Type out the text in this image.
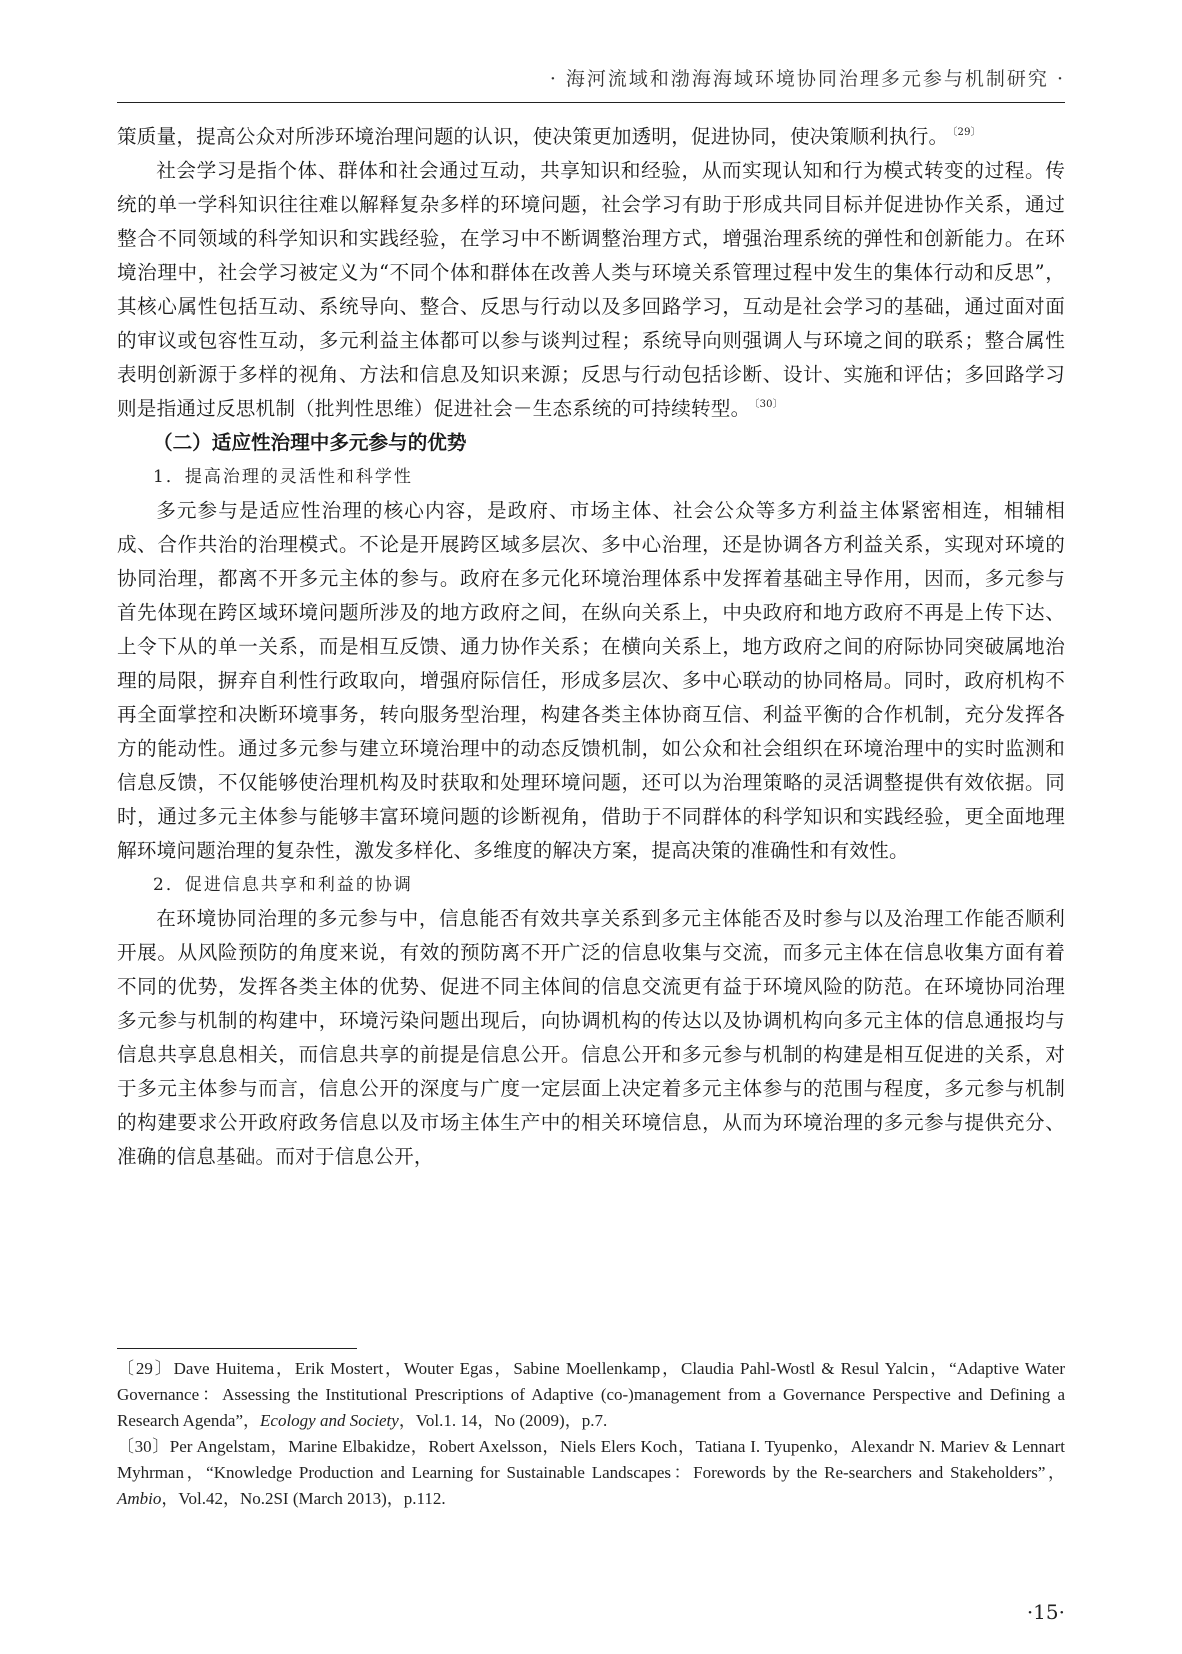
· 海河流域和渤海海域环境协同治理多元参与机制研究 ·

策质量，提高公众对所涉环境治理问题的认识，使决策更加透明，促进协同，使决策顺利执行。 $^{〔29〕}$

社会学习是指个体、群体和社会通过互动，共享知识和经验，从而实现认知和行为模式转变的过程。传统的单一学科知识往往难以解释复杂多样的环境问题，社会学习有助于形成共同目标并促进协作关系，通过整合不同领域的科学知识和实践经验，在学习中不断调整治理方式，增强治理系统的弹性和创新能力。在环境治理中，社会学习被定义为“不同个体和群体在改善人类与环境关系管理过程中发生的集体行动和反思”，其核心属性包括互动、系统导向、整合、反思与行动以及多回路学习，互动是社会学习的基础，通过面对面的审议或包容性互动，多元利益主体都可以参与谈判过程；系统导向则强调人与环境之间的联系；整合属性表明创新源于多样的视角、方法和信息及知识来源；反思与行动包括诊断、设计、实施和评估；多回路学习则是指通过反思机制（批判性思维）促进社会－生态系统的可持续转型。 $^{〔30〕}$

（二）适应性治理中多元参与的优势

1．提高治理的灵活性和科学性

多元参与是适应性治理的核心内容，是政府、市场主体、社会公众等多方利益主体紧密相连，相辅相成、合作共治的治理模式。不论是开展跨区域多层次、多中心治理，还是协调各方利益关系，实现对环境的协同治理，都离不开多元主体的参与。政府在多元化环境治理体系中发挥着基础主导作用，因而，多元参与首先体现在跨区域环境问题所涉及的地方政府之间，在纵向关系上，中央政府和地方政府不再是上传下达、上令下从的单一关系，而是相互反馈、通力协作关系；在横向关系上，地方政府之间的府际协同突破属地治理的局限，摒弃自利性行政取向，增强府际信任，形成多层次、多中心联动的协同格局。同时，政府机构不再全面掌控和决断环境事务，转向服务型治理，构建各类主体协商互信、利益平衡的合作机制，充分发挥各方的能动性。通过多元参与建立环境治理中的动态反馈机制，如公众和社会组织在环境治理中的实时监测和信息反馈，不仅能够使治理机构及时获取和处理环境问题，还可以为治理策略的灵活调整提供有效依据。同时，通过多元主体参与能够丰富环境问题的诊断视角，借助于不同群体的科学知识和实践经验，更全面地理解环境问题治理的复杂性，激发多样化、多维度的解决方案，提高决策的准确性和有效性。

2．促进信息共享和利益的协调

在环境协同治理的多元参与中，信息能否有效共享关系到多元主体能否及时参与以及治理工作能否顺利开展。从风险预防的角度来说，有效的预防离不开广泛的信息收集与交流，而多元主体在信息收集方面有着不同的优势，发挥各类主体的优势、促进不同主体间的信息交流更有益于环境风险的防范。在环境协同治理多元参与机制的构建中，环境污染问题出现后，向协调机构的传达以及协调机构向多元主体的信息通报均与信息共享息息相关，而信息共享的前提是信息公开。信息公开和多元参与机制的构建是相互促进的关系，对于多元主体参与而言，信息公开的深度与广度一定层面上决定着多元主体参与的范围与程度，多元参与机制的构建要求公开政府政务信息以及市场主体生产中的相关环境信息，从而为环境治理的多元参与提供充分、准确的信息基础。而对于信息公开，

〔29〕Dave Huitema，Erik Mostert，Wouter Egas，Sabine Moellenkamp，Claudia Pahl-Wostl & Resul Yalcin，“Adaptive Water Governance：Assessing the Institutional Prescriptions of Adaptive (co-)management from a Governance Perspective and Defining a Research Agenda”，Ecology and Society，Vol.1. 14，No (2009)，p.7.

〔30〕Per Angelstam，Marine Elbakidze，Robert Axelsson，Niels Elers Koch，Tatiana I. Tyupenko，Alexandr N. Mariev & Lennart Myhrman，“Knowledge Production and Learning for Sustainable Landscapes：Forewords by the Re-searchers and Stakeholders”，Ambio，Vol.42，No.2SI (March 2013)，p.112.

·15·
